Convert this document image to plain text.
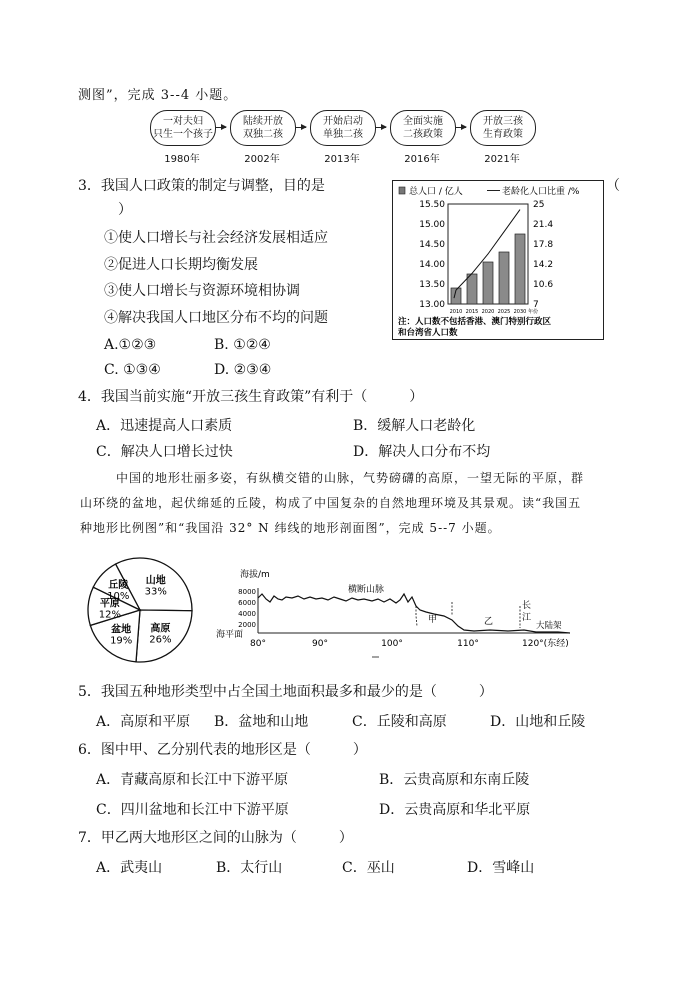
测图”，完成 3--4 小题。
一对夫妇
只生一个孩子
陆续开放
双独二孩
开始启动
单独二孩
全面实施
二孩政策
开放三孩
生育政策
1980年	2002年	2013年	2016年	2021年
3．我国人口政策的制定与调整，目的是	（
）
①使人口增长与社会经济发展相适应
②促进人口长期均衡发展
③使人口增长与资源环境相协调
④解决我国人口地区分布不均的问题
A.①②③	B. ①②④
C. ①③④	D. ②③④
总人口 / 亿人	老龄化人口比重 /%
15.50
15.00
14.50
14.00
13.50
13.00
25
21.4
17.8
14.2
10.6
7
2010 2015 2020 2025 2030 年份
注：人口数不包括香港、澳门特别行政区
和台湾省人口数
4．我国当前实施“开放三孩生育政策”有利于（　　　）
A．迅速提高人口素质	B．缓解人口老龄化
C．解决人口增长过快	D．解决人口分布不均
中国的地形壮丽多姿，有纵横交错的山脉，气势磅礴的高原，一望无际的平原，群
山环绕的盆地，起伏绵延的丘陵，构成了中国复杂的自然地理环境及其景观。读“我国五
种地形比例图”和“我国沿 32° N 纬线的地形剖面图”，完成 5--7 小题。
山地
33%
高原
26%
盆地
19%
平原
12%
丘陵
10%
海拔/m
8000
6000
4000
2000
海平面
横断山脉
甲	乙
长
江
大陆架
80°	90°	100°	110°	120°(东经)
5．我国五种地形类型中占全国土地面积最多和最少的是（　　　）
A．高原和平原 B．盆地和山地	C．丘陵和高原	D．山地和丘陵
6．图中甲、乙分别代表的地形区是（　　　）
A．青藏高原和长江中下游平原	B．云贵高原和东南丘陵
C．四川盆地和长江中下游平原	D．云贵高原和华北平原
7．甲乙两大地形区之间的山脉为（　　　）
A．武夷山	B．太行山	C．巫山	D．雪峰山
